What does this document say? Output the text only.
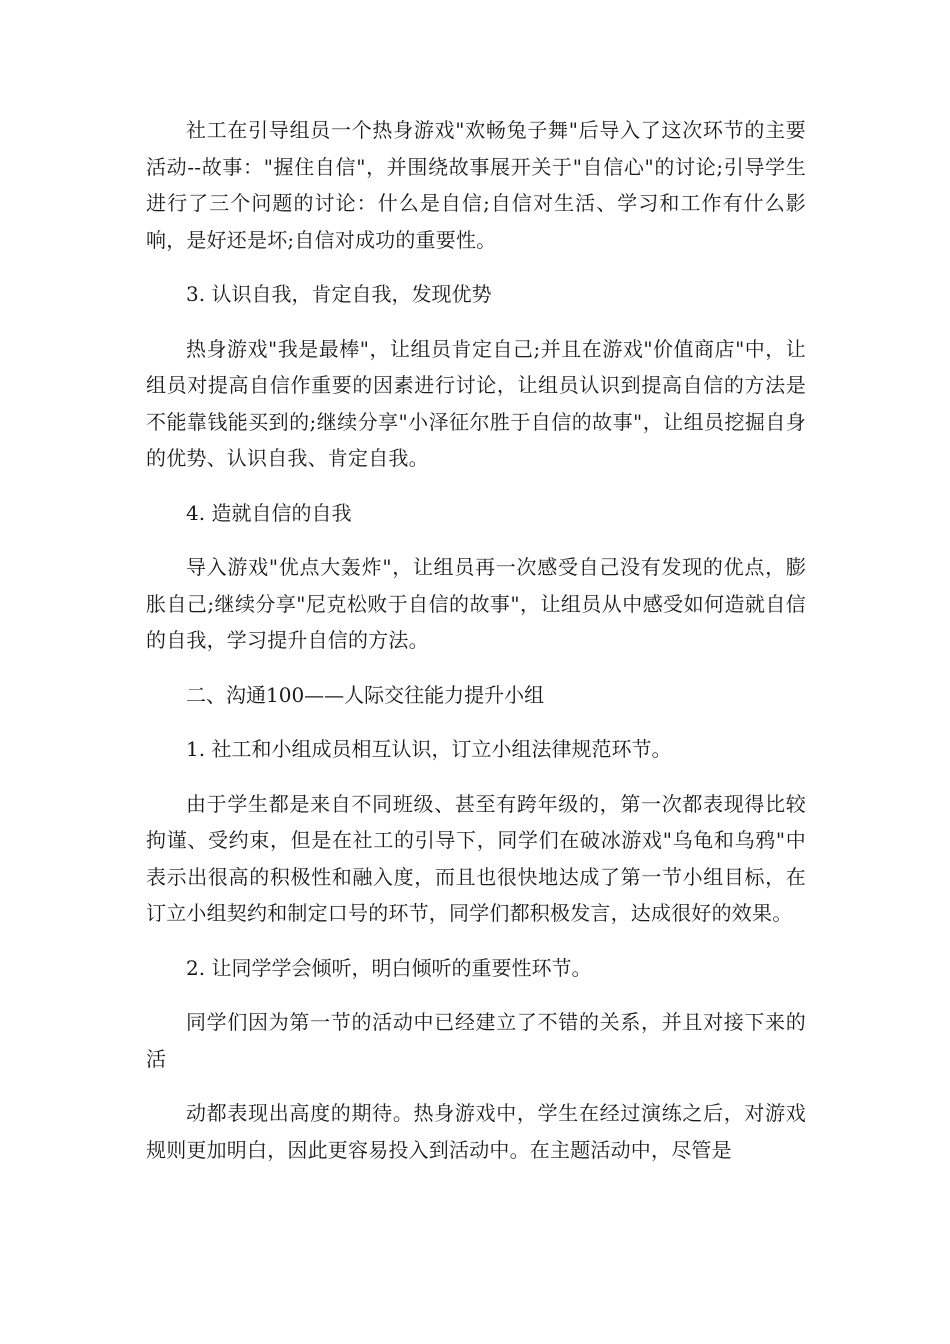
社工在引导组员一个热身游戏"欢畅兔子舞"后导入了这次环节的主要活动--故事："握住自信"，并围绕故事展开关于"自信心"的讨论;引导学生进行了三个问题的讨论：什么是自信;自信对生活、学习和工作有什么影响，是好还是坏;自信对成功的重要性。

3. 认识自我，肯定自我，发现优势

热身游戏"我是最棒"，让组员肯定自己;并且在游戏"价值商店"中，让组员对提高自信作重要的因素进行讨论，让组员认识到提高自信的方法是不能靠钱能买到的;继续分享"小泽征尔胜于自信的故事"，让组员挖掘自身的优势、认识自我、肯定自我。

4. 造就自信的自我

导入游戏"优点大轰炸"，让组员再一次感受自己没有发现的优点，膨胀自己;继续分享"尼克松败于自信的故事"，让组员从中感受如何造就自信的自我，学习提升自信的方法。

二、沟通100——人际交往能力提升小组

1. 社工和小组成员相互认识，订立小组法律规范环节。

由于学生都是来自不同班级、甚至有跨年级的，第一次都表现得比较拘谨、受约束，但是在社工的引导下，同学们在破冰游戏"乌龟和乌鸦"中表示出很高的积极性和融入度，而且也很快地达成了第一节小组目标，在订立小组契约和制定口号的环节，同学们都积极发言，达成很好的效果。

2. 让同学学会倾听，明白倾听的重要性环节。

同学们因为第一节的活动中已经建立了不错的关系，并且对接下来的活

动都表现出高度的期待。热身游戏中，学生在经过演练之后，对游戏规则更加明白，因此更容易投入到活动中。在主题活动中，尽管是
